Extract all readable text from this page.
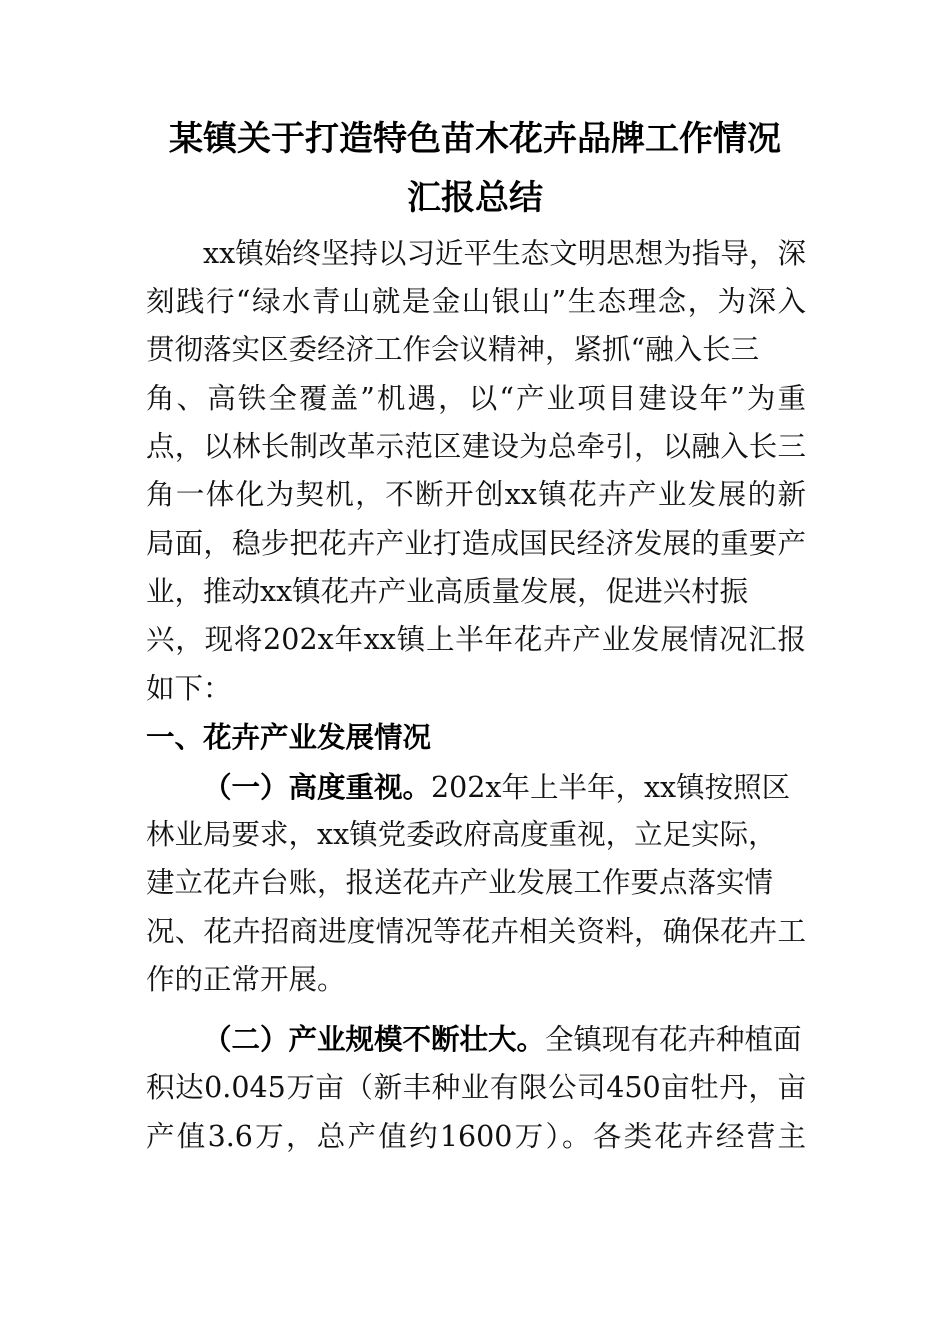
某镇关于打造特色苗木花卉品牌工作情况
汇报总结
xx镇始终坚持以习近平生态文明思想为指导，深
刻践行“绿水青山就是金山银山”生态理念，为深入
贯彻落实区委经济工作会议精神，紧抓“融入长三
角、高铁全覆盖”机遇，以“产业项目建设年”为重
点，以林长制改革示范区建设为总牵引，以融入长三
角一体化为契机，不断开创xx镇花卉产业发展的新
局面，稳步把花卉产业打造成国民经济发展的重要产
业，推动xx镇花卉产业高质量发展，促进兴村振
兴，现将202x年xx镇上半年花卉产业发展情况汇报
如下：
一、花卉产业发展情况
（一）高度重视。202x年上半年，xx镇按照区
林业局要求，xx镇党委政府高度重视，立足实际，
建立花卉台账，报送花卉产业发展工作要点落实情
况、花卉招商进度情况等花卉相关资料，确保花卉工
作的正常开展。
（二）产业规模不断壮大。全镇现有花卉种植面
积达0.045万亩（新丰种业有限公司450亩牡丹，亩
产值3.6万，总产值约1600万）。各类花卉经营主
